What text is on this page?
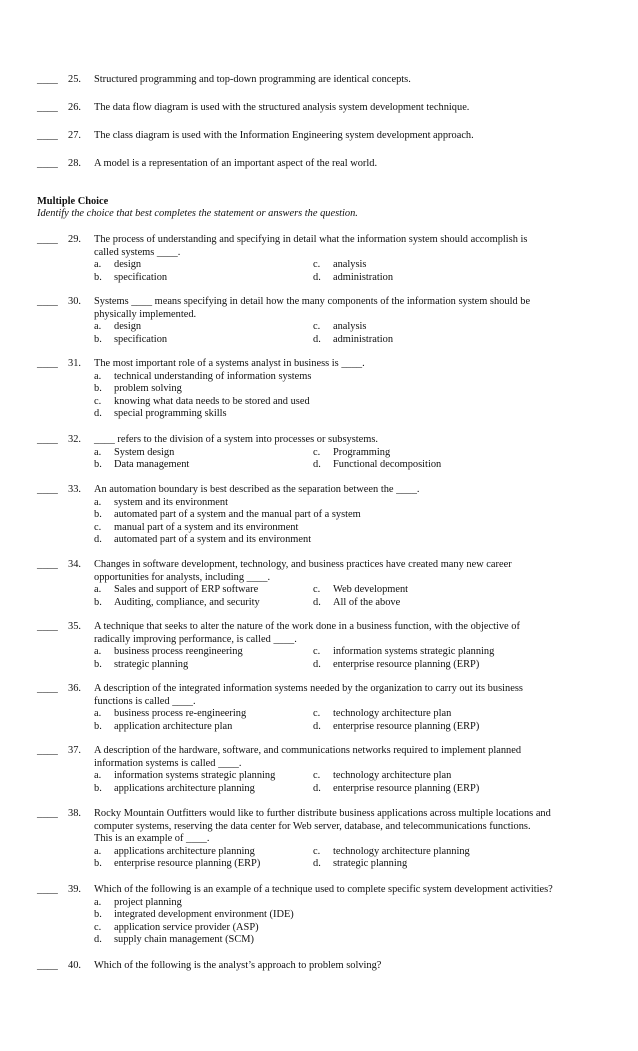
____ 25. Structured programming and top-down programming are identical concepts.
____ 26. The data flow diagram is used with the structured analysis system development technique.
____ 27. The class diagram is used with the Information Engineering system development approach.
____ 28. A model is a representation of an important aspect of the real world.
Multiple Choice
Identify the choice that best completes the statement or answers the question.
____ 29. The process of understanding and specifying in detail what the information system should accomplish is
called systems ____.
a. design
b. specification
c. analysis
d. administration
____ 30. Systems ____ means specifying in detail how the many components of the information system should be
physically implemented.
a. design
b. specification
c. analysis
d. administration
____ 31. The most important role of a systems analyst in business is ____.
a. technical understanding of information systems
b. problem solving
c. knowing what data needs to be stored and used
d. special programming skills
____ 32. ____ refers to the division of a system into processes or subsystems.
a. System design
b. Data management
c. Programming
d. Functional decomposition
____ 33. An automation boundary is best described as the separation between the ____.
a. system and its environment
b. automated part of a system and the manual part of a system
c. manual part of a system and its environment
d. automated part of a system and its environment
____ 34. Changes in software development, technology, and business practices have created many new career
opportunities for analysts, including ____.
a. Sales and support of ERP software
b. Auditing, compliance, and security
c. Web development
d. All of the above
____ 35. A technique that seeks to alter the nature of the work done in a business function, with the objective of
radically improving performance, is called ____.
a. business process reengineering
b. strategic planning
c. information systems strategic planning
d. enterprise resource planning (ERP)
____ 36. A description of the integrated information systems needed by the organization to carry out its business
functions is called ____.
a. business process re-engineering
b. application architecture plan
c. technology architecture plan
d. enterprise resource planning (ERP)
____ 37. A description of the hardware, software, and communications networks required to implement planned
information systems is called ____.
a. information systems strategic planning
b. applications architecture planning
c. technology architecture plan
d. enterprise resource planning (ERP)
____ 38. Rocky Mountain Outfitters would like to further distribute business applications across multiple locations and
computer systems, reserving the data center for Web server, database, and telecommunications functions.
This is an example of ____.
a. applications architecture planning
b. enterprise resource planning (ERP)
c. technology architecture planning
d. strategic planning
____ 39. Which of the following is an example of a technique used to complete specific system development activities?
a. project planning
b. integrated development environment (IDE)
c. application service provider (ASP)
d. supply chain management (SCM)
____ 40. Which of the following is the analyst’s approach to problem solving?
